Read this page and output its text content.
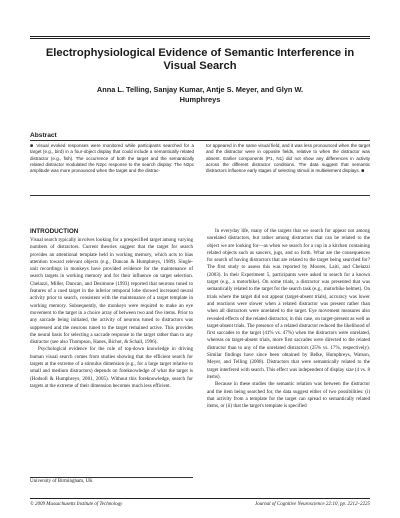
Electrophysiological Evidence of Semantic Interference in Visual Search
Anna L. Telling, Sanjay Kumar, Antje S. Meyer, and Glyn W. Humphreys
Abstract
■ Visual evoked responses were monitored while participants searched for a target (e.g., bird) in a four-object display that could include a semantically related distractor (e.g., fish). The occurrence of both the target and the semantically related distractor modulated the N2pc response to the search display: The N2pc amplitude was more pronounced when the target and the distrac-
tor appeared in the same visual field, and it was less pronounced when the target and the distractor were in opposite fields, relative to when the distractor was absent. Earlier components (P1, N1) did not show any differences in activity across the different distractor conditions. The data suggest that semantic distractors influence early stages of selecting stimuli in multielement displays. ■
INTRODUCTION

Visual search typically involves looking for a prespecified target among varying numbers of distractors. Current theories suggest that the target for search provides an attentional template held in working memory, which acts to bias attention toward relevant objects (e.g., Duncan & Humphreys, 1989). Single-unit recordings in monkeys have provided evidence for the maintenance of search targets in working memory and for their influence on target selection. Chelazzi, Miller, Duncan, and Desimone (1993) reported that neurons tuned to features of a cued target in the inferior temporal lobe showed increased neural activity prior to search, consistent with the maintenance of a target template in working memory. Subsequently, the monkeys were required to make an eye movement to the target in a choice array of between two and five items. Prior to any saccade being initiated, the activity of neurons tuned to distractors was suppressed and the neurons tuned to the target remained active. This provides the neural basis for selecting a saccade response to the target rather than to any distractor (see also Thompson, Hanes, Bichot, & Schall, 1996).

Psychological evidence for the role of top-down knowledge in driving human visual search comes from studies showing that the efficient search for targets at the extreme of a stimulus dimension (e.g., for a large target relative to small and medium distractors) depends on foreknowledge of what the target is (Hodsoll & Humphreys, 2001, 2005). Without this foreknowledge, search for targets at the extreme of their dimension becomes much less efficient.

In everyday life, many of the targets that we search for appear not among unrelated distractors, but rather among distractors that can be related to the object we are looking for—as when we search for a cup in a kitchen containing related objects such as saucers, jugs, and so forth. What are the consequences for search of having distractors that are related to the target being searched for? The first study to assess this was reported by Moores, Laiti, and Chelazzi (2003). In their Experiment 5, participants were asked to search for a known target (e.g., a motorbike). On some trials, a distractor was presented that was semantically related to the target for the search task (e.g., motorbike helmet). On trials where the target did not appear (target-absent trials), accuracy was lower and reactions were slower when a related distractor was present rather than when all distractors were unrelated to the target. Eye movement measures also revealed effects of the related distractor, in this case, on target-present as well as target-absent trials. The presence of a related distractor reduced the likelihood of first saccades to the target (41% vs. 47%) when the distractors were unrelated, whereas on target-absent trials, more first saccades were directed to the related distractor than to any of the unrelated distractors (25% vs. 17%, respectively). Similar findings have since been obtained by Belke, Humphreys, Watson, Meyer, and Telling (2008). Distractors that were semantically related to the target interfered with search. This effect was independent of display size (4 vs. 8 items).

Because in these studies the semantic relation was between the distractor and the item being searched for, the data suggest either of two possibilities: (i) that activity from a template for the target can spread to semantically related items, or (ii) that the target's template is specified

University of Birmingham, UK
© 2009 Massachusetts Institute of Technology	Journal of Cognitive Neuroscience 22:10, pp. 2212–2225
